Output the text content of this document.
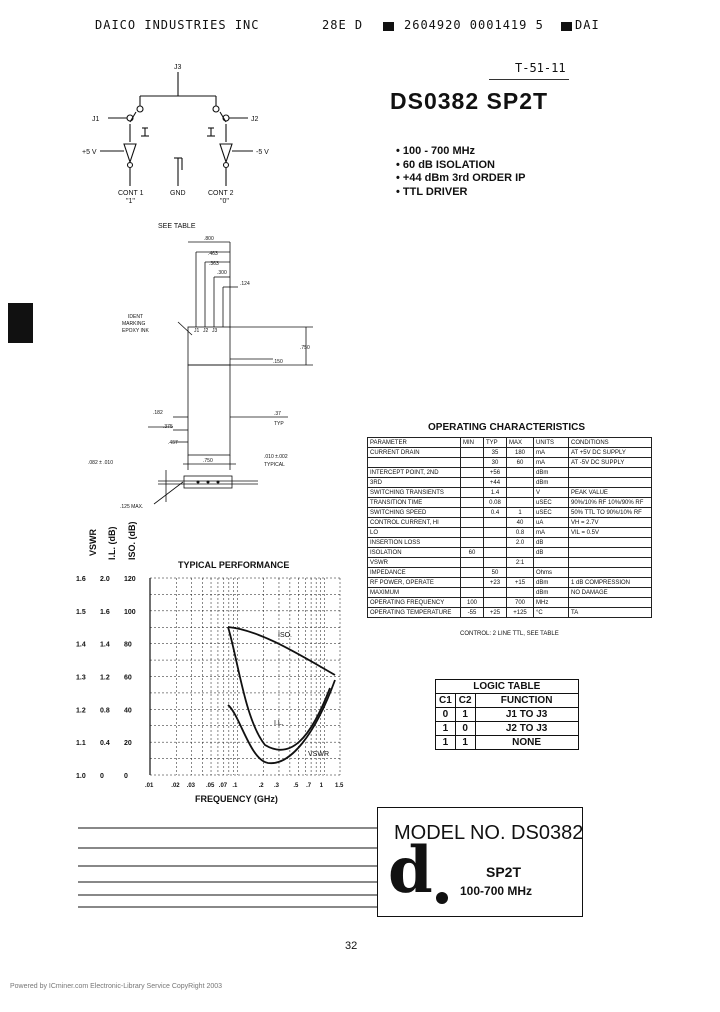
DAICO INDUSTRIES INC	28E D	2604920 0001419 5	DAI
T-51-11
DS0382 SP2T
• 100 - 700 MHz
• 60 dB ISOLATION
• +44 dBm 3rd ORDER IP
• TTL DRIVER
J3
J1	J2
+5 V	-5 V
CONT 1
"1"
GND	CONT 2
"0"
SEE TABLE
.800
.463
.363
.300
.124
.150
.750
.182
.375
.467
.750
.37
TYP
.082 ± .010
.010 ±.002
TYPICAL
.125 MAX.
IDENT
MARKING
EPOXY INK	J1 J2 J3
TYPICAL PERFORMANCE
VSWR I.L. (dB) ISO. (dB)
FREQUENCY (GHz)
1.6
1.5
1.4
1.3
1.2
1.1
1.0
2.0
1.6
1.4
1.2
0.8
0.4
0
120
100
80
60
40
20
0
.01	.02 .03 .05 .07 .1	.2 .3 .5 .7 1 1.5
ISO.
I.L.
VSWR
OPERATING CHARACTERISTICS
PARAMETER	MIN	TYP	MAX	UNITS	CONDITIONS
CURRENT DRAIN		35	180	mA	AT +5V DC SUPPLY
		30	60	mA	AT -5V DC SUPPLY
INTERCEPT POINT, 2ND		+56		dBm	
3RD		+44		dBm	
SWITCHING TRANSIENTS		1.4		V	PEAK VALUE
TRANSITION TIME		0.08		uSEC	90%/10% RF 10%/90% RF
SWITCHING SPEED		0.4	1	uSEC	50% TTL TO 90%/10% RF
CONTROL CURRENT, HI			40	uA	VH = 2.7V
LO			0.8	mA	VIL = 0.5V
INSERTION LOSS			2.0	dB	
ISOLATION	60			dB	
VSWR			2:1		
IMPEDANCE		50		Ohms	
RF POWER, OPERATE		+23	+15	dBm	1 dB COMPRESSION
MAXIMUM				dBm	NO DAMAGE
OPERATING FREQUENCY	100		700	MHz	
OPERATING TEMPERATURE	-55	+25	+125	°C	TA
CONTROL: 2 LINE TTL, SEE TABLE
LOGIC TABLE		
C1	C2	FUNCTION
0	1	J1 TO J3
1	0	J2 TO J3
1	1	NONE
MODEL NO. DS0382
d	SP2T
100-700 MHz
32
Powered by ICminer.com Electronic-Library Service CopyRight 2003
